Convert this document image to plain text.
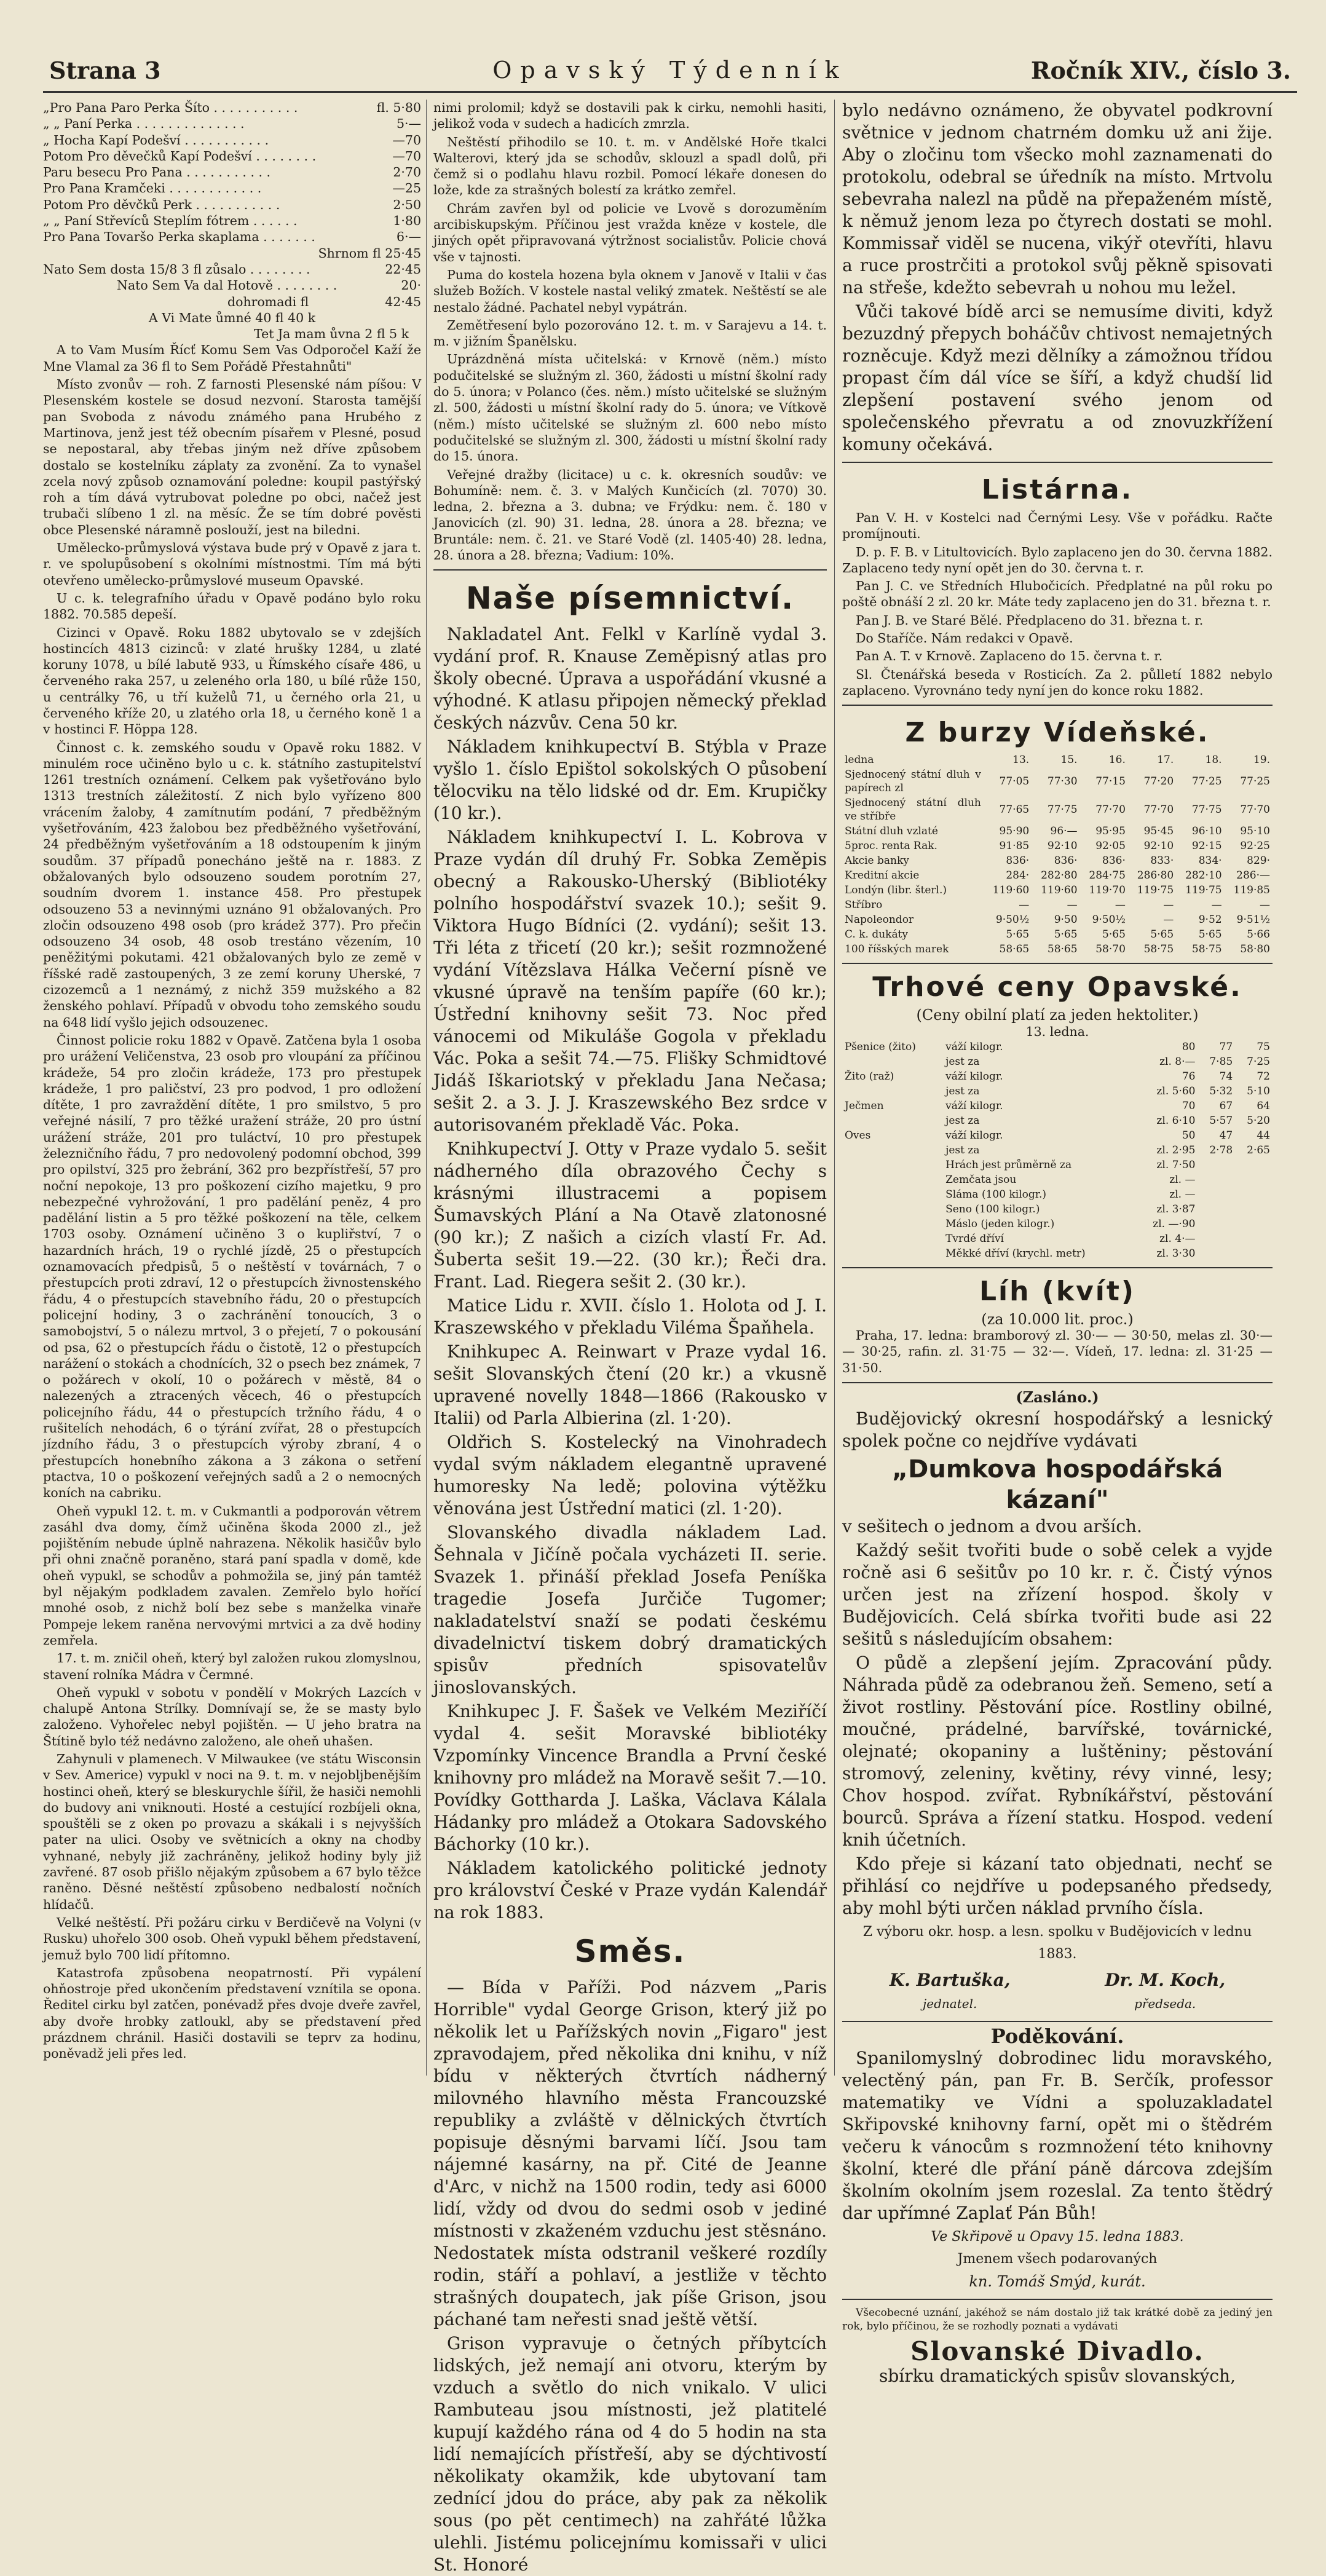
Strana 3	Opavský Týdenník	Ročník XIV., číslo 3.
„Pro Pana Paro Perka Šíto . . . . . . . . . . .	fl. 5·80
„ „ Paní Perka . . . . . . . . . . . . . .	5·—
„ Hocha Kapí Podešví . . . . . . . . . . .	—70
Potom Pro děvečků Kapí Podešví . . . . . . . .	—70
Paru besecu Pro Pana . . . . . . . . . . .	2·70
Pro Pana Kramčeki . . . . . . . . . . . .	—25
Potom Pro děvčků Perk . . . . . . . . . . .	2·50
„ „ Paní Střevíců Steplím fótrem . . . . . .	1·80
Pro Pana Tovaršo Perka skaplama . . . . . . .	6·—
Shrnom fl 25·45
Nato Sem dosta 15/8 3 fl zůsalo . . . . . . . .	22·45
Nato Sem Va dal Hotově . . . . . . . .	20·
dohromadi fl	42·45
A Vi Mate ůmné 40 fl 40 k
Tet Ja mam ůvna 2 fl 5 k

A to Vam Musím Řícť Komu Sem Vas Odporočel Kaží že Mne Vlamal za 36 fl to Sem Pořádě Přestahnůti"

Místo zvonův — roh. Z farnosti Plesenské nám píšou: V Plesenském kostele se dosud nezvoní. Starosta tamější pan Svoboda z návodu známého pana Hrubého z Martinova, jenž jest též obecním písařem v Plesné, posud se nepostaral, aby třebas jiným než dříve způsobem dostalo se kostelníku záplaty za zvonění. Za to vynašel zcela nový způsob oznamování poledne: koupil pastýřský roh a tím dává vytrubovat poledne po obci, načež jest trubači slíbeno 1 zl. na měsíc. Že se tím dobré pověsti obce Plesenské náramně poslouží, jest na biledni.

Umělecko-průmyslová výstava bude prý v Opavě z jara t. r. ve spolupůsobení s okolními místnostmi. Tím má býti otevřeno umělecko-průmyslové museum Opavské.

U c. k. telegrafního úřadu v Opavě podáno bylo roku 1882. 70.585 depeší.

Cizinci v Opavě. Roku 1882 ubytovalo se v zdejších hostincích 4813 cizinců: v zlaté hrušky 1284, u zlaté koruny 1078, u bílé labutě 933, u Římského císaře 486, u červeného raka 257, u zeleného orla 180, u bílé růže 150, u centrálky 76, u tří kuželů 71, u černého orla 21, u červeného kříže 20, u zlatého orla 18, u černého koně 1 a v hostinci F. Höppa 128.

Činnost c. k. zemského soudu v Opavě roku 1882. V minulém roce učiněno bylo u c. k. státního zastupitelství 1261 trestních oznámení. Celkem pak vyšetřováno bylo 1313 trestních záležitostí. Z nich bylo vyřízeno 800 vrácením žaloby, 4 zamítnutím podání, 7 předběžným vyšetřováním, 423 žalobou bez předběžného vyšetřování, 24 předběžným vyšetřováním a 18 odstoupením k jiným soudům. 37 případů ponecháno ještě na r. 1883. Z obžalovaných bylo odsouzeno soudem porotním 27, soudním dvorem 1. instance 458. Pro přestupek odsouzeno 53 a nevinnými uznáno 91 obžalovaných. Pro zločin odsouzeno 498 osob (pro krádež 377). Pro přečin odsouzeno 34 osob, 48 osob trestáno vězením, 10 peněžitými pokutami. 421 obžalovaných bylo ze země v říšské radě zastoupených, 3 ze zemí koruny Uherské, 7 cizozemců a 1 neznámý, z nichž 359 mužského a 82 ženského pohlaví. Případů v obvodu toho zemského soudu na 648 lidí vyšlo jejich odsouzenec.

Činnost policie roku 1882 v Opavě. Zatčena byla 1 osoba pro urážení Veličenstva, 23 osob pro vloupání za příčinou krádeže, 54 pro zločin krádeže, 173 pro přestupek krádeže, 1 pro paličství, 23 pro podvod, 1 pro odložení dítěte, 1 pro zavraždění dítěte, 1 pro smilstvo, 5 pro veřejné násilí, 7 pro těžké uražení stráže, 20 pro ústní urážení stráže, 201 pro tuláctví, 10 pro přestupek železničního řádu, 7 pro nedovolený podomní obchod, 399 pro opilství, 325 pro žebrání, 362 pro bezpřístřeší, 57 pro noční nepokoje, 13 pro poškození cizího majetku, 9 pro nebezpečné vyhrožování, 1 pro padělání peněz, 4 pro padělání listin a 5 pro těžké poškození na těle, celkem 1703 osoby. Oznámení učiněno 3 o kupliřství, 7 o hazardních hrách, 19 o rychlé jízdě, 25 o přestupcích oznamovacích předpisů, 5 o neštěstí v továrnách, 7 o přestupcích proti zdraví, 12 o přestupcích živnostenského řádu, 4 o přestupcích stavebního řádu, 20 o přestupcích policejní hodiny, 3 o zachránění tonoucích, 3 o samobojství, 5 o nálezu mrtvol, 3 o přejetí, 7 o pokousání od psa, 62 o přestupcích řádu o čistotě, 12 o přestupcích narážení o stokách a chodnících, 32 o psech bez známek, 7 o požárech v okolí, 10 o požárech v městě, 84 o nalezených a ztracených věcech, 46 o přestupcích policejního řádu, 44 o přestupcích tržního řádu, 4 o rušitelích nehodách, 6 o týrání zvířat, 28 o přestupcích jízdního řádu, 3 o přestupcích výroby zbraní, 4 o přestupcích honebního zákona a 3 zákona o setření ptactva, 10 o poškození veřejných sadů a 2 o nemocných koních na cabriku.

Oheň vypukl 12. t. m. v Cukmantli a podporován větrem zasáhl dva domy, čímž učiněna škoda 2000 zl., jež pojištěním nebude úplně nahrazena. Několik hasičův bylo při ohni značně poraněno, stará paní spadla v domě, kde oheň vypukl, se schodův a pohmožila se, jiný pán tamtéž byl nějakým podkladem zavalen. Zemřelo bylo hořící mnohé osob, z nichž bolí bez sebe s manželka vinaře Pompeje lekem raněna nervovými mrtvici a za dvě hodiny zemřela.

17. t. m. zničil oheň, který byl založen rukou zlomyslnou, stavení rolníka Mádra v Čermné.

Oheň vypukl v sobotu v pondělí v Mokrých Lazcích v chalupě Antona Strílky. Domnívají se, že se masty bylo založeno. Vyhořelec nebyl pojištěn. — U jeho bratra na Štítině bylo též nedávno založeno, ale oheň uhašen.

Zahynuli v plamenech. V Milwaukee (ve státu Wisconsin v Sev. Americe) vypukl v noci na 9. t. m. v nejobljbenějším hostinci oheň, který se bleskurychle šířil, že hasiči nemohli do budovy ani vniknouti. Hosté a cestující rozbíjeli okna, spouštěli se z oken po provazu a skákali i s nejvyšších pater na ulici. Osoby ve světnicích a okny na chodby vyhnané, nebyly již zachráněny, jelikož hodiny byly již zavřené. 87 osob přišlo nějakým způsobem a 67 bylo těžce raněno. Děsné neštěstí způsobeno nedbalostí nočních hlídačů.

Velké neštěstí. Při požáru cirku v Berdičevě na Volyni (v Rusku) uhořelo 300 osob. Oheň vypukl během představení, jemuž bylo 700 lidí přítomno.

Katastrofa způsobena neopatrností. Při vypálení ohňostroje před ukončením představení vznítila se opona. Ředitel cirku byl zatčen, ponévadž přes dvoje dveře zavřel, aby dvoře hrobky zatloukl, aby se představení před prázdnem chránil. Hasiči dostavili se teprv za hodinu, poněvadž jeli přes led.

nimi prolomil; když se dostavili pak k cirku, nemohli hasiti, jelikož voda v sudech a hadicích zmrzla.

Neštěstí přihodilo se 10. t. m. v Andělské Hoře tkalci Walterovi, který jda se schodův, sklouzl a spadl dolů, při čemž si o podlahu hlavu rozbil. Pomocí lékaře donesen do lože, kde za strašných bolestí za krátko zemřel.

Chrám zavřen byl od policie ve Lvově s dorozuměním arcibiskupským. Příčinou jest vražda kněze v kostele, dle jiných opět připravovaná výtržnost socialistův. Policie chová vše v tajnosti.

Puma do kostela hozena byla oknem v Janově v Italii v čas služeb Božích. V kostele nastal veliký zmatek. Neštěstí se ale nestalo žádné. Pachatel nebyl vypátrán.

Zemětřesení bylo pozorováno 12. t. m. v Sarajevu a 14. t. m. v jižním Španělsku.

Uprázdněná místa učitelská: v Krnově (něm.) místo podučitelské se služným zl. 360, žádosti u místní školní rady do 5. února; v Polanco (čes. něm.) místo učitelské se služným zl. 500, žádosti u místní školní rady do 5. února; ve Vítkově (něm.) místo učitelské se služným zl. 600 nebo místo podučitelské se služným zl. 300, žádosti u místní školní rady do 15. února.

Veřejné dražby (licitace) u c. k. okresních soudův: ve Bohumíně: nem. č. 3. v Malých Kunčicích (zl. 7070) 30. ledna, 2. března a 3. dubna; ve Frýdku: nem. č. 180 v Janovicích (zl. 90) 31. ledna, 28. února a 28. března; ve Bruntále: nem. č. 21. ve Staré Vodě (zl. 1405·40) 28. ledna, 28. února a 28. března; Vadium: 10%.

Naše písemnictví.

Nakladatel Ant. Felkl v Karlíně vydal 3. vydání prof. R. Knause Zeměpisný atlas pro školy obecné. Úprava a uspořádání vkusné a výhodné. K atlasu připojen německý překlad českých názvův. Cena 50 kr.

Nákladem knihkupectví B. Stýbla v Praze vyšlo 1. číslo Epištol sokolských O působení tělocviku na tělo lidské od dr. Em. Krupičky (10 kr.).

Nákladem knihkupectví I. L. Kobrova v Praze vydán díl druhý Fr. Sobka Zeměpis obecný a Rakousko-Uherský (Bibliotéky polního hospodářství svazek 10.); sešit 9. Viktora Hugo Bídníci (2. vydání); sešit 13. Tři léta z třicetí (20 kr.); sešit rozmnožené vydání Vítězslava Hálka Večerní písně ve vkusné úpravě na tenším papíře (60 kr.); Ústřední knihovny sešit 73. Noc před vánocemi od Mikuláše Gogola v překladu Vác. Poka a sešit 74.—75. Flišky Schmidtové Jidáš Iškariotský v překladu Jana Nečasa; sešit 2. a 3. J. J. Kraszewského Bez srdce v autorisovaném překladě Vác. Poka.

Knihkupectví J. Otty v Praze vydalo 5. sešit nádherného díla obrazového Čechy s krásnými illustracemi a popisem Šumavských Plání a Na Otavě zlatonosné (90 kr.); Z našich a cizích vlastí Fr. Ad. Šuberta sešit 19.—22. (30 kr.); Řeči dra. Frant. Lad. Riegera sešit 2. (30 kr.).

Matice Lidu r. XVII. číslo 1. Holota od J. I. Kraszewského v překladu Viléma Špaňhela.

Knihkupec A. Reinwart v Praze vydal 16. sešit Slovanských čtení (20 kr.) a vkusně upravené novelly 1848—1866 (Rakousko v Italii) od Parla Albierina (zl. 1·20).

Oldřich S. Kostelecký na Vinohradech vydal svým nákladem elegantně upravené humoresky Na ledě; polovina výtěžku věnována jest Ústřední matici (zl. 1·20).

Slovanského divadla nákladem Lad. Šehnala v Jičíně počala vycházeti II. serie. Svazek 1. přináší překlad Josefa Peníška tragedie Josefa Jurčiče Tugomer; nakladatelství snaží se podati českému divadelnictví tiskem dobrý dramatických spisův předních spisovatelův jinoslovanských.

Knihkupec J. F. Šašek ve Velkém Meziříčí vydal 4. sešit Moravské bibliotéky Vzpomínky Vincence Brandla a První české knihovny pro mládež na Moravě sešit 7.—10. Povídky Gottharda J. Laška, Václava Kálala Hádanky pro mládež a Otokara Sadovského Báchorky (10 kr.).

Nákladem katolického politické jednoty pro království České v Praze vydán Kalendář na rok 1883.

Směs.

— Bída v Paříži. Pod názvem „Paris Horrible" vydal George Grison, který již po několik let u Pařížských novin „Figaro" jest zpravodajem, před několika dni knihu, v níž bídu v některých čtvrtích nádherný milovného hlavního města Francouzské republiky a zvláště v dělnických čtvrtích popisuje děsnými barvami líčí. Jsou tam nájemné kasárny, na př. Cité de Jeanne d'Arc, v nichž na 1500 rodin, tedy asi 6000 lidí, vždy od dvou do sedmi osob v jediné místnosti v zkaženém vzduchu jest stěsnáno. Nedostatek místa odstranil veškeré rozdíly rodin, stáří a pohlaví, a jestliže v těchto strašných doupatech, jak píše Grison, jsou páchané tam neřesti snad ještě větší.

Grison vypravuje o četných příbytcích lidských, jež nemají ani otvoru, kterým by vzduch a světlo do nich vnikalo. V ulici Rambuteau jsou místnosti, jež platitelé kupují každého rána od 4 do 5 hodin na sta lidí nemajících přístřeší, aby se dýchtivostí několikaty okamžik, kde ubytovaní tam zednící jdou do práce, aby pak za několik sous (po pět centimech) na zahřáté lůžka ulehli. Jistému policejnímu komissaři v ulici St. Honoré

bylo nedávno oznámeno, že obyvatel podkrovní světnice v jednom chatrném domku už ani žije. Aby o zločinu tom všecko mohl zaznamenati do protokolu, odebral se úředník na místo. Mrtvolu sebevraha nalezl na půdě na přepaženém místě, k němuž jenom leza po čtyrech dostati se mohl. Kommissař viděl se nucena, vikýř otevříti, hlavu a ruce prostrčiti a protokol svůj pěkně spisovati na střeše, kdežto sebevrah u nohou mu ležel.

Vůči takové bídě arci se nemusíme diviti, když bezuzdný přepych boháčův chtivost nemajetných rozněcuje. Když mezi dělníky a zámožnou třídou propast čím dál více se šíří, a když chudší lid zlepšení postavení svého jenom od společenského převratu a od znovuzkřížení komuny očekává.

Listárna.

Pan V. H. v Kostelci nad Černými Lesy. Vše v pořádku. Račte promíjnouti.

D. p. F. B. v Litultovicích. Bylo zaplaceno jen do 30. června 1882. Zaplaceno tedy nyní opět jen do 30. června t. r.

Pan J. C. ve Středních Hlubočicích. Předplatné na půl roku po poště obnáší 2 zl. 20 kr. Máte tedy zaplaceno jen do 31. března t. r.

Pan J. B. ve Staré Bělé. Předplaceno do 31. března t. r.

Do Staříče. Nám redakci v Opavě.

Pan A. T. v Krnově. Zaplaceno do 15. června t. r.

Sl. Čtenářská beseda v Rosticích. Za 2. půlletí 1882 nebylo zaplaceno. Vyrovnáno tedy nyní jen do konce roku 1882.

Z burzy Vídeňské.
ledna	13.	15.	16.	17.	18.	19.
Sjednocený státní dluh v papírech zl	77·05	77·30	77·15	77·20	77·25	77·25
Sjednocený státní dluh ve stříbře	77·65	77·75	77·70	77·70	77·75	77·70
Státní dluh vzlaté	95·90	96·—	95·95	95·45	96·10	95·10
5proc. renta Rak.	91·85	92·10	92·05	92·10	92·15	92·25
Akcie banky	836·	836·	836·	833·	834·	829·
Kreditní akcie	284·	282·80	284·75	286·80	282·10	286·—
Londýn (libr. šterl.)	119·60	119·60	119·70	119·75	119·75	119·85
Stříbro	—	—	—	—	—	—
Napoleondor	9·50½	9·50	9·50½	—	9·52	9·51½
C. k. dukáty	5·65	5·65	5·65	5·65	5·65	5·66
100 říšských marek	58·65	58·65	58·70	58·75	58·75	58·80
Trhové ceny Opavské.
(Ceny obilní platí za jeden hektoliter.)
13. ledna.
Pšenice (žito)	váží kilogr.	80	77	75
	jest za	zl. 8·—	7·85	7·25
Žito (raž)	váží kilogr.	76	74	72
	jest za	zl. 5·60	5·32	5·10
Ječmen	váží kilogr.	70	67	64
	jest za	zl. 6·10	5·57	5·20
Oves	váží kilogr.	50	47	44
	jest za	zl. 2·95	2·78	2·65
	Hrách jest průměrně za	zl. 7·50		
	Zemčata jsou	zl. —		
	Sláma (100 kilogr.)	zl. —		
	Seno (100 kilogr.)	zl. 3·87		
	Máslo (jeden kilogr.)	zl. —·90		
	Tvrdé dříví	zl. 4·—		
	Měkké dříví (krychl. metr)	zl. 3·30		
Líh (kvít)
(za 10.000 lit. proc.)

Praha, 17. ledna: bramborový zl. 30·— — 30·50, melas zl. 30·— — 30·25, rafin. zl. 31·75 — 32·—. Vídeň, 17. ledna: zl. 31·25 — 31·50.

(Zasláno.)

Budějovický okresní hospodářský a lesnický spolek počne co nejdříve vydávati

„Dumkova hospodářská kázaní"

v sešitech o jednom a dvou arších.

Každý sešit tvořiti bude o sobě celek a vyjde ročně asi 6 sešitův po 10 kr. r. č. Čistý výnos určen jest na zřízení hospod. školy v Budějovicích. Celá sbírka tvořiti bude asi 22 sešitů s následujícím obsahem:

O půdě a zlepšení jejím. Zpracování půdy. Náhrada půdě za odebranou žeň. Semeno, setí a život rostliny. Pěstování píce. Rostliny obilné, moučné, prádelné, barvířské, továrnické, olejnaté; okopaniny a luštěniny; pěstování stromový, zeleniny, květiny, révy vinné, lesy; Chov hospod. zvířat. Rybníkářství, pěstování bourců. Správa a řízení statku. Hospod. vedení knih účetních.

Kdo přeje si kázaní tato objednati, nechť se přihlásí co nejdříve u podepsaného předsedy, aby mohl býti určen náklad prvního čísla.

Z výboru okr. hosp. a lesn. spolku v Budějovicích v lednu 1883.

K. Bartuška,
jednatel.
Dr. M. Koch,
předseda.
Poděkování.

Spanilomyslný dobrodinec lidu moravského, velectěný pán, pan Fr. B. Serčík, professor matematiky ve Vídni a spoluzakladatel Skřipovské knihovny farní, opět mi o štědrém večeru k vánocům s rozmnožení této knihovny školní, které dle přání páně dárcova zdejším školním okolním jsem rozeslal. Za tento štědrý dar upřímné Zaplať Pán Bůh!

Ve Skřipově u Opavy 15. ledna 1883.
Jmenem všech podarovaných
kn. Tomáš Smýd, kurát.

Všecobecné uznání, jakéhož se nám dostalo již tak krátké době za jediný jen rok, bylo příčinou, že se rozhodly poznati a vydávati

Slovanské Divadlo.
sbírku dramatických spisův slovanských,
